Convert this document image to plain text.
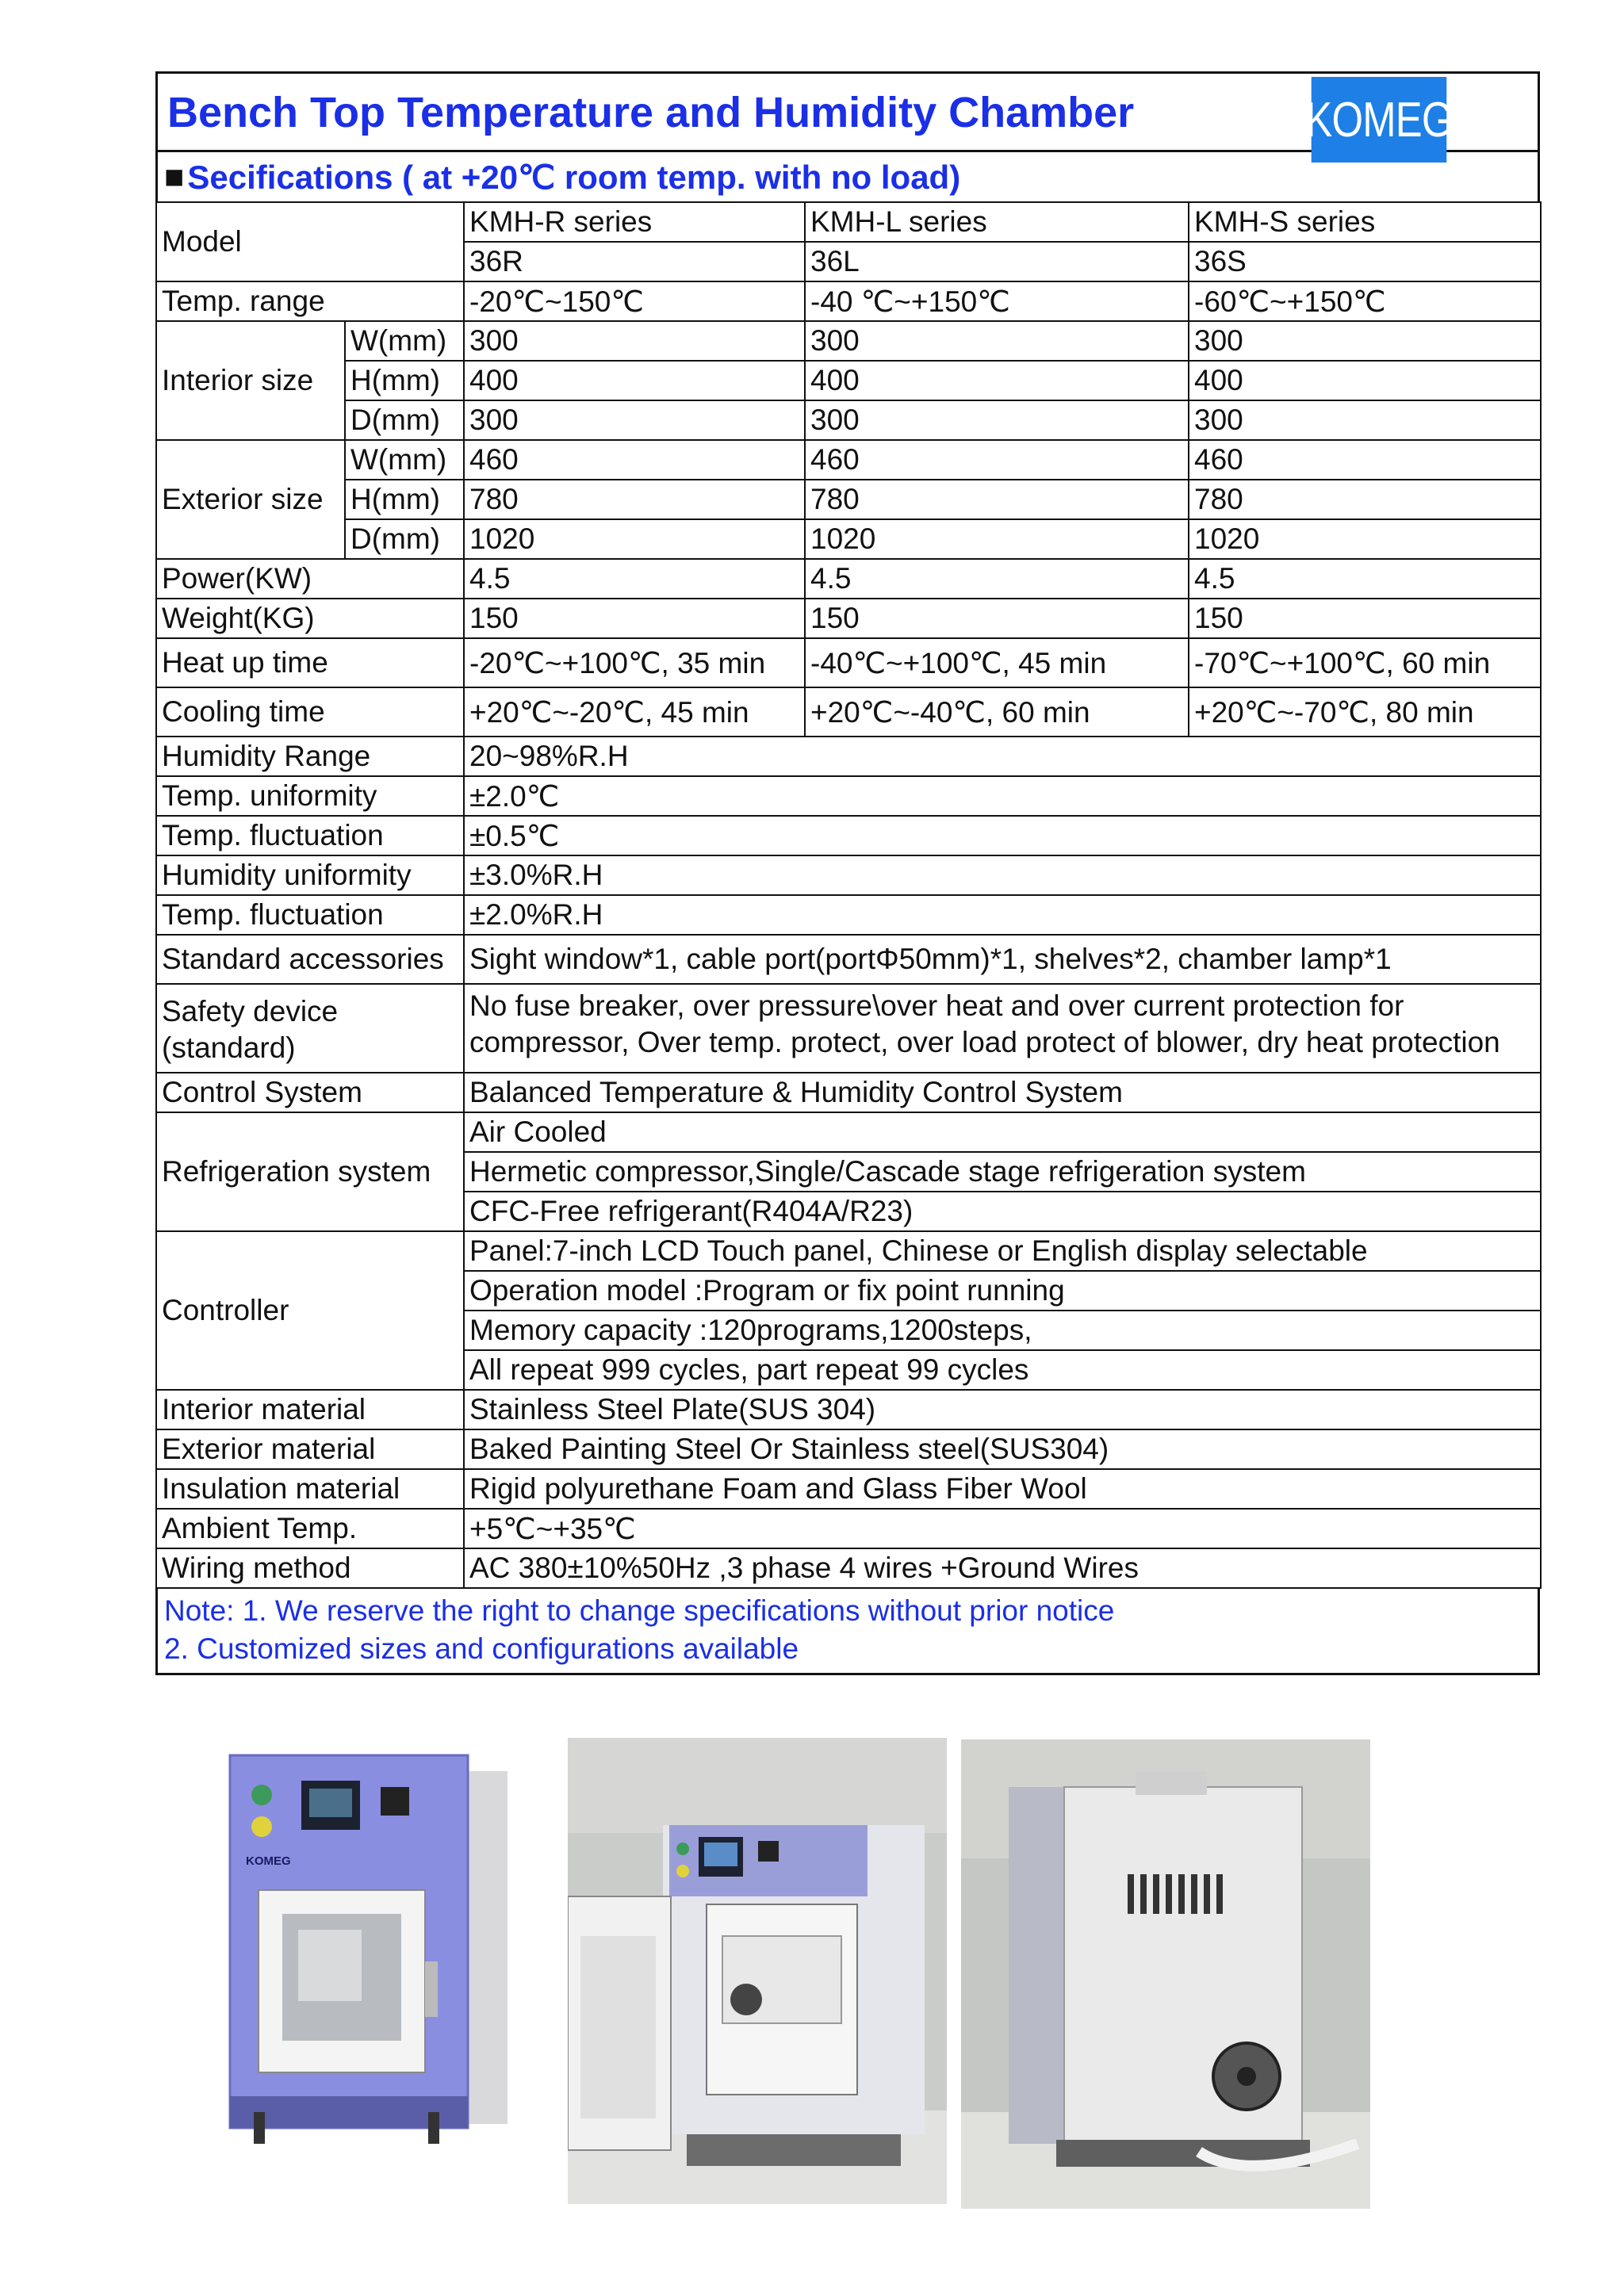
Bench Top Temperature and Humidity Chamber	KOMEG
■ Secifications ( at +20℃ room temp. with no load)
Model		KMH-R series	KMH-L series	KMH-S series
		36R	36L	36S
Temp. range		-20℃~150℃	-40 ℃~+150℃	-60℃~+150℃
Interior size	W(mm)	300	300	300
	H(mm)	400	400	400
	D(mm)	300	300	300
Exterior size	W(mm)	460	460	460
	H(mm)	780	780	780
	D(mm)	1020	1020	1020
Power(KW)		4.5	4.5	4.5
Weight(KG)		150	150	150
Heat up time		-20℃~+100℃, 35 min	-40℃~+100℃, 45 min	-70℃~+100℃, 60 min
Cooling time		+20℃~-20℃, 45 min	+20℃~-40℃, 60 min	+20℃~-70℃, 80 min
Humidity Range		20~98%R.H		
Temp. uniformity		±2.0℃		
Temp. fluctuation		±0.5℃		
Humidity uniformity		±3.0%R.H		
Temp. fluctuation		±2.0%R.H		
Standard accessories		Sight window*1, cable port(portΦ50mm)*1, shelves*2, chamber lamp*1		
Safety device (standard)		No fuse breaker, over pressure\over heat and over current protection for compressor, Over temp. protect, over load protect of blower, dry heat protection		

Control System		Balanced Temperature & Humidity Control System		
Refrigeration system		Air Cooled		
		Hermetic compressor,Single/Cascade stage refrigeration system		
		CFC-Free refrigerant(R404A/R23)		
Controller		Panel:7-inch LCD Touch panel, Chinese or English display selectable		
		Operation model :Program or fix point running		
		Memory capacity :120programs,1200steps,		
		All repeat 999 cycles, part repeat 99 cycles		
Interior material		Stainless Steel Plate(SUS 304)		
Exterior material		Baked Painting Steel Or Stainless steel(SUS304)		
Insulation material		Rigid polyurethane Foam and Glass Fiber Wool		
Ambient Temp.		+5℃~+35℃		
Wiring method		AC 380±10%50Hz ,3 phase 4 wires +Ground Wires		
Note: 1. We reserve the right to change specifications without prior notice
2. Customized sizes and configurations available
KOMEG
